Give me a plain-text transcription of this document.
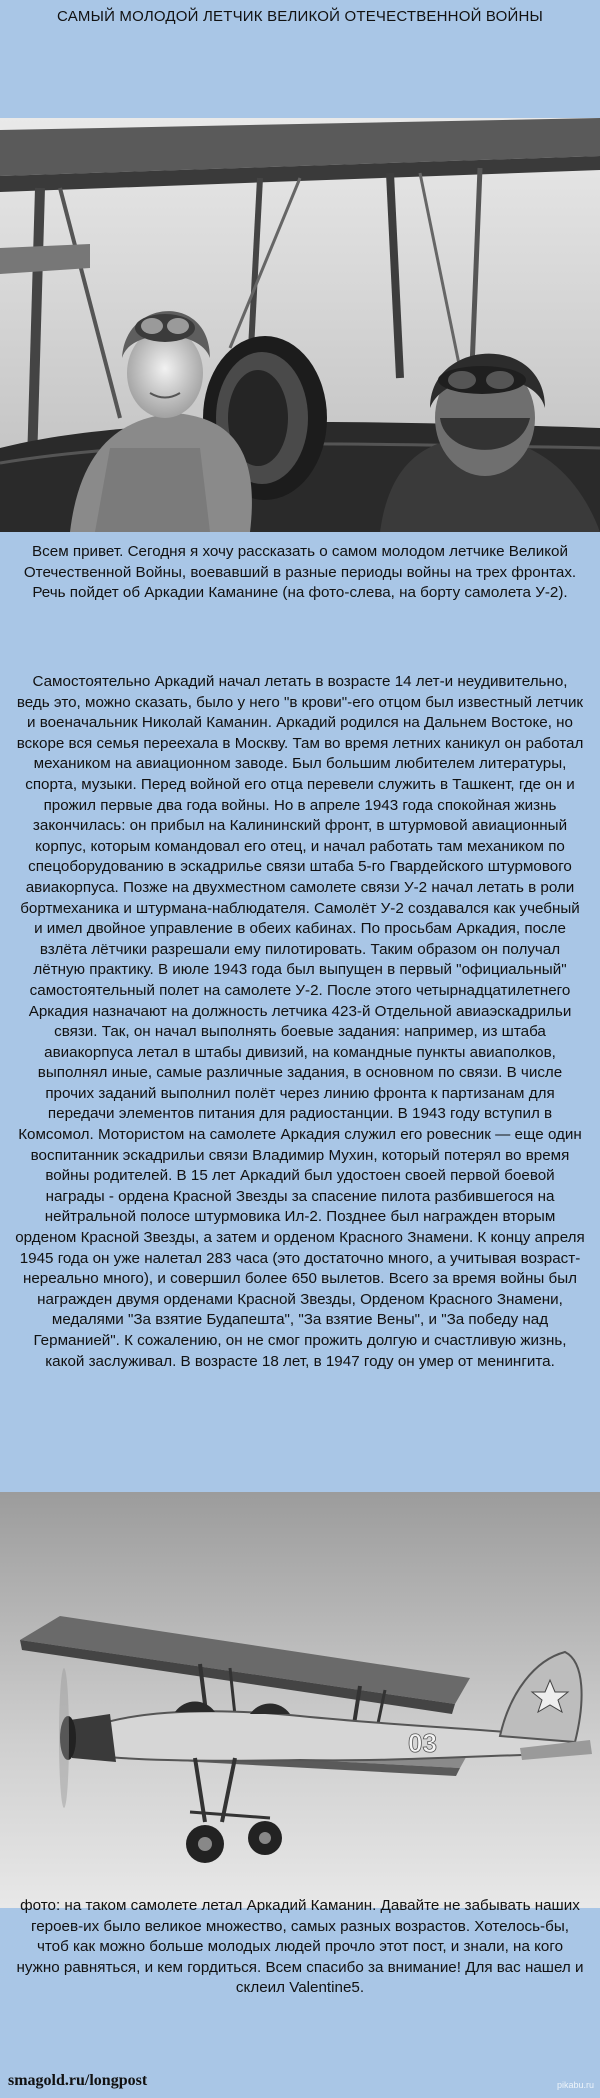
САМЫЙ МОЛОДОЙ ЛЕТЧИК ВЕЛИКОЙ ОТЕЧЕСТВЕННОЙ ВОЙНЫ
Всем привет. Сегодня я хочу рассказать о самом молодом летчике Великой Отечественной Войны, воевавший в разные периоды войны на трех фронтах. Речь пойдет об Аркадии Каманине (на фото-слева, на борту самолета У-2).
Самостоятельно Аркадий начал летать в возрасте 14 лет-и неудивительно, ведь это, можно сказать, было у него "в крови"-его отцом был известный летчик и военачальник Николай Каманин. Аркадий родился на Дальнем Востоке, но вскоре вся семья переехала в Москву. Там во время летних каникул он работал механиком на авиационном заводе. Был большим любителем литературы, спорта, музыки. Перед войной его отца перевели служить в Ташкент, где он и прожил первые два года войны. Но в апреле 1943 года спокойная жизнь закончилась: он прибыл на Калининский фронт, в штурмовой авиационный корпус, которым командовал его отец, и начал работать там механиком по спецоборудованию в эскадрилье связи штаба 5-го Гвардейского штурмового авиакорпуса. Позже на двухместном самолете связи У-2 начал летать в роли бортмеханика и штурмана-наблюдателя. Самолёт У-2 создавался как учебный и имел двойное управление в обеих кабинах. По просьбам Аркадия, после взлёта лётчики разрешали ему пилотировать. Таким образом он получал лётную практику. В июле 1943 года был выпущен в первый "официальный" самостоятельный полет на самолете У-2. После этого четырнадцатилетнего Аркадия назначают на должность летчика 423-й Отдельной авиаэскадрильи связи. Так, он начал выполнять боевые задания: например, из штаба авиакорпуса летал в штабы дивизий, на командные пункты авиаполков, выполнял иные, самые различные задания, в основном по связи. В числе прочих заданий выполнил полёт через линию фронта к партизанам для передачи элементов питания для радиостанции. В 1943 году вступил в Комсомол. Мотористом на самолете Аркадия служил его ровесник — еще один воспитанник эскадрильи связи Владимир Мухин, который потерял во время войны родителей. В 15 лет Аркадий был удостоен своей первой боевой награды - ордена Красной Звезды за спасение пилота разбившегося на нейтральной полосе штурмовика Ил-2. Позднее был награжден вторым орденом Красной Звезды, а затем и орденом Красного Знамени. К концу апреля 1945 года он уже налетал 283 часа (это достаточно много, а учитывая возраст-нереально много), и совершил более 650 вылетов. Всего за время войны был награжден двумя орденами Красной Звезды, Орденом Красного Знамени, медалями "За взятие Будапешта", "За взятие Вены", и "За победу над Германией". К сожалению, он не смог прожить долгую и счастливую жизнь, какой заслуживал. В возрасте 18 лет, в 1947 году он умер от менингита.
03
фото: на таком самолете летал Аркадий Каманин. Давайте не забывать наших героев-их было великое множество, самых разных возрастов. Хотелось-бы, чтоб как можно больше молодых людей прочло этот пост, и знали, на кого нужно равняться, и кем гордиться. Всем спасибо за внимание! Для вас нашел и склеил Valentine5.
smagold.ru/longpost	pikabu.ru
